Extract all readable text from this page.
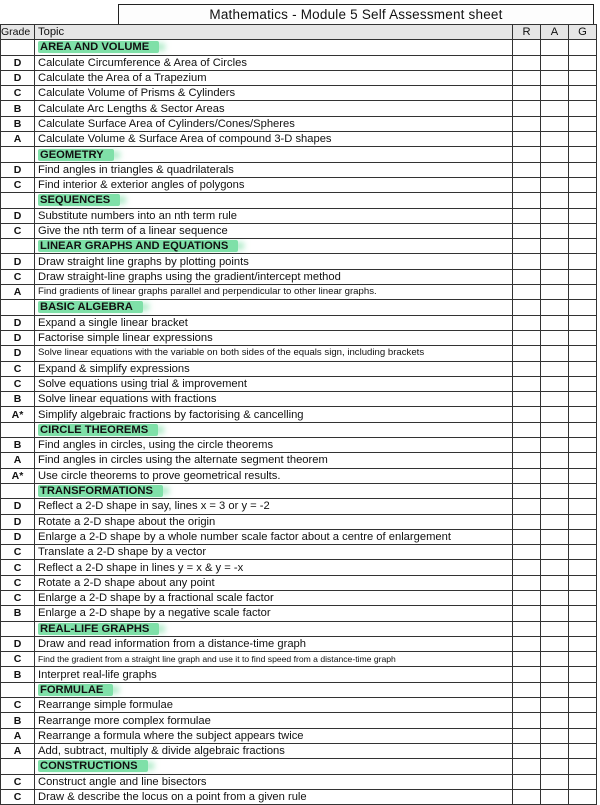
Mathematics - Module 5 Self Assessment sheet
Grade	Topic	R	A	G
	AREA AND VOLUME			
D	Calculate Circumference & Area of Circles			
D	Calculate the Area of a Trapezium			
C	Calculate Volume of Prisms & Cylinders			
B	Calculate Arc Lengths & Sector Areas			
B	Calculate Surface Area of Cylinders/Cones/Spheres			
A	Calculate Volume & Surface Area of compound 3-D shapes			
	GEOMETRY			
D	Find angles in triangles & quadrilaterals			
C	Find interior & exterior angles of polygons			
	SEQUENCES			
D	Substitute numbers into an nth term rule			
C	Give the nth term of a linear sequence			
	LINEAR GRAPHS AND EQUATIONS			
D	Draw straight line graphs by plotting points			
C	Draw straight-line graphs using the gradient/intercept method			
A	Find gradients of linear graphs parallel and perpendicular to other linear graphs.			
	BASIC ALGEBRA			
D	Expand a single linear bracket			
D	Factorise simple linear expressions			
D	Solve linear equations with the variable on both sides of the equals sign, including brackets			
C	Expand & simplify expressions			
C	Solve equations using trial & improvement			
B	Solve linear equations with fractions			
A*	Simplify algebraic fractions by factorising & cancelling			
	CIRCLE THEOREMS			
B	Find angles in circles, using the circle theorems			
A	Find angles in circles using the alternate segment theorem			
A*	Use circle theorems to prove geometrical results.			
	TRANSFORMATIONS			
D	Reflect a 2-D shape in say, lines x = 3 or y = -2			
D	Rotate a 2-D shape about the origin			
D	Enlarge a 2-D shape by a whole number scale factor about a centre of enlargement			
C	Translate a 2-D shape by a vector			
C	Reflect a 2-D shape in lines y = x & y = -x			
C	Rotate a 2-D shape about any point			
C	Enlarge a 2-D shape by a fractional scale factor			
B	Enlarge a 2-D shape by a negative scale factor			
	REAL-LIFE GRAPHS			
D	Draw and read information from a distance-time graph			
C	Find the gradient from a straight line graph and use it to find speed from a distance-time graph			
B	Interpret real-life graphs			
	FORMULAE			
C	Rearrange simple formulae			
B	Rearrange more complex formulae			
A	Rearrange a formula where the subject appears twice			
A	Add, subtract, multiply & divide algebraic fractions			
	CONSTRUCTIONS			
C	Construct angle and line bisectors			
C	Draw & describe the locus on a point from a given rule			
